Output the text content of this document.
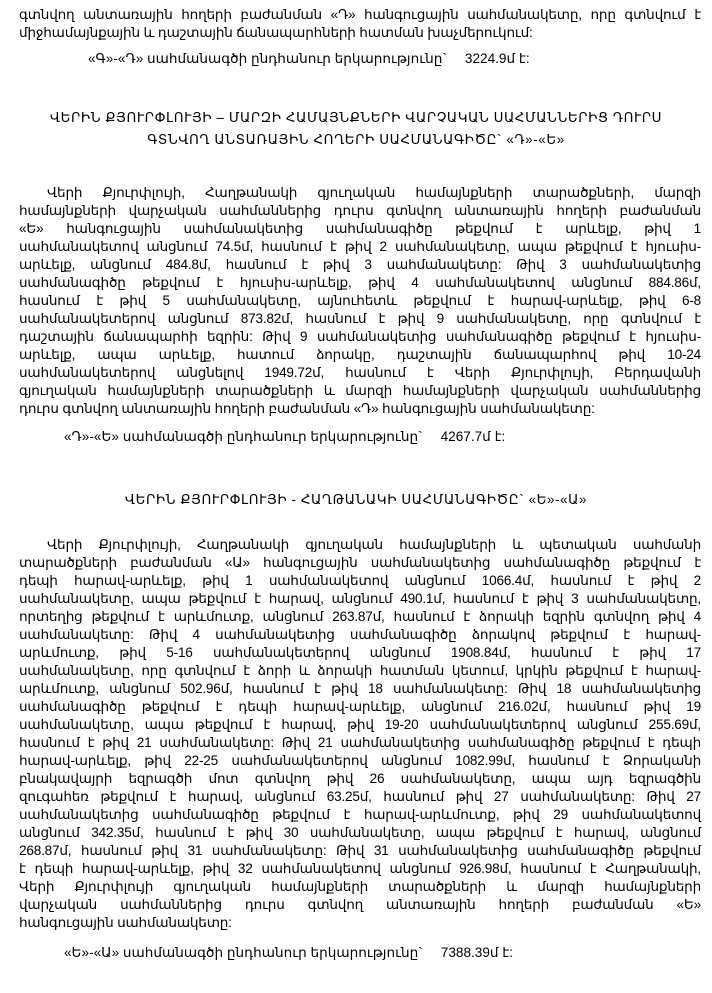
գտնվող անտառային հողերի բաժանման «Դ» հանգուցային սահմանակետը, որը գտնվում է
միջհամայնքային և դաշտային ճանապարհների հատման խաչմերուկում:
«Գ»-«Դ» սահմանագծի ընդհանուր երկարությունը` 3224.9մ է:
ՎԵՐԻՆ ՔՅՈՒՐՓԼՈՒՅԻ – ՄԱՐԶԻ ՀԱՄԱՅՆՔՆԵՐԻ ՎԱՐՉԱԿԱՆ ՍԱՀՄԱՆՆԵՐԻՑ ԴՈՒՐՍ
ԳՏՆՎՈՂ ԱՆՏԱՌԱՅԻՆ ՀՈՂԵՐԻ ՍԱՀՄԱՆԱԳԻԾԸ` «Դ»-«Ե»
Վերի Քյուրփլույի, Հաղթանակի գյուղական համայնքների տարածքների, մարզի
համայնքների վարչական սահմաններից դուրս գտնվող անտառային հողերի բաժանման
«Ե» հանգուցային սահմանակետից սահմանագիծը թեքվում է արևելք, թիվ 1
սահմանակետով անցնում 74.5մ, հասնում է թիվ 2 սահմանակետը, ապա թեքվում է հյուսիս-
արևելք, անցնում 484.8մ, հասնում է թիվ 3 սահմանակետը: Թիվ 3 սահմանակետից
սահմանագիծը թեքվում է հյուսիս-արևելք, թիվ 4 սահմանակետով անցնում 884.86մ,
հասնում է թիվ 5 սահմանակետը, այնուհետև թեքվում է հարավ-արևելք, թիվ 6-8
սահմանակետերով անցնում 873.82մ, հասնում է թիվ 9 սահմանակետը, որը գտնվում է
դաշտային ճանապարհի եզրին: Թիվ 9 սահմանակետից սահմանագիծը թեքվում է հյուսիս-
արևելք, ապա արևելք, հատում ձորակը, դաշտային ճանապարհով թիվ 10-24
սահմանակետերով անցնելով 1949.72մ, հասնում է Վերի Քյուրփլույի, Բերդավանի
գյուղական համայնքների տարածքների և մարզի համայնքների վարչական սահմաններից
դուրս գտնվող անտառային հողերի բաժանման «Դ» հանգուցային սահմանակետը:
«Դ»-«Ե» սահմանագծի ընդհանուր երկարությունը` 4267.7մ է:
ՎԵՐԻՆ ՔՅՈՒՐՓԼՈՒՅԻ - ՀԱՂԹԱՆԱԿԻ ՍԱՀՄԱՆԱԳԻԾԸ` «Ե»-«Ա»
Վերի Քյուրփլույի, Հաղթանակի գյուղական համայնքների և պետական սահմանի
տարածքների բաժանման «Ա» հանգուցային սահմանակետից սահմանագիծը թեքվում է
դեպի հարավ-արևելք, թիվ 1 սահմանակետով անցնում 1066.4մ, հասնում է թիվ 2
սահմանակետը, ապա թեքվում է հարավ, անցնում 490.1մ, հասնում է թիվ 3 սահմանակետը,
որտեղից թեքվում է արևմուտք, անցնում 263.87մ, հասնում է ձորակի եզրին գտնվող թիվ 4
սահմանակետը: Թիվ 4 սահմանակետից սահմանագիծը ձորակով թեքվում է հարավ-
արևմուտք, թիվ 5-16 սահմանակետերով անցնում 1908.84մ, հասնում է թիվ 17
սահմանակետը, որը գտնվում է ձորի և ձորակի հատման կետում, կրկին թեքվում է հարավ-
արևմուտք, անցնում 502.96մ, հասնում է թիվ 18 սահմանակետը: Թիվ 18 սահմանակետից
սահմանագիծը թեքվում է դեպի հարավ-արևելք, անցնում 216.02մ, հասնում թիվ 19
սահմանակետը, ապա թեքվում է հարավ, թիվ 19-20 սահմանակետերով անցնում 255.69մ,
հասնում է թիվ 21 սահմանակետը: Թիվ 21 սահմանակետից սահմանագիծը թեքվում է դեպի
հարավ-արևելք, թիվ 22-25 սահմանակետերով անցնում 1082.99մ, հասնում է Ձորականի
բնակավայրի եզրագծի մոտ գտնվող թիվ 26 սահմանակետը, ապա այդ եզրագծին
զուգահեռ թեքվում է հարավ, անցնում 63.25մ, հասնում թիվ 27 սահմանակետը: Թիվ 27
սահմանակետից սահմանագիծը թեքվում է հարավ-արևմուտք, թիվ 29 սահմանակետով
անցնում 342.35մ, հասնում է թիվ 30 սահմանակետը, ապա թեքվում է հարավ, անցնում
268.87մ, հասնում թիվ 31 սահմանակետը: Թիվ 31 սահմանակետից սահմանագիծը թեքվում
է դեպի հարավ-արևելք, թիվ 32 սահմանակետով անցնում 926.98մ, հասնում է Հաղթանակի,
Վերի Քյուրփլույի գյուղական համայնքների տարածքների և մարզի համայնքների
վարչական սահմաններից դուրս գտնվող անտառային հողերի բաժանման «Ե»
հանգուցային սահմանակետը:
«Ե»-«Ա» սահմանագծի ընդհանուր երկարությունը` 7388.39մ է:
